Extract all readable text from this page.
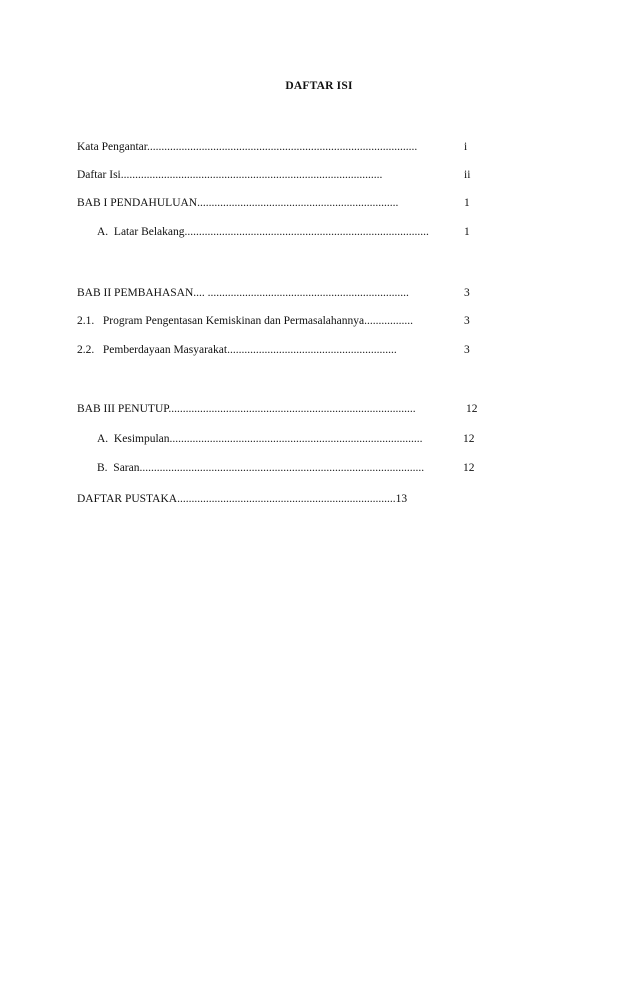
DAFTAR ISI
Kata Pengantar..............................................................................................	i
Daftar Isi...........................................................................................	ii
BAB I PENDAHULUAN......................................................................	1
A.  Latar Belakang.....................................................................................	1
BAB II PEMBAHASAN.... ......................................................................	3
2.1.   Program Pengentasan Kemiskinan dan Permasalahannya.................	3
2.2.   Pemberdayaan Masyarakat...........................................................	3
BAB III PENUTUP......................................................................................	12
A.  Kesimpulan........................................................................................	12
B.  Saran...................................................................................................	12
DAFTAR PUSTAKA............................................................................13
